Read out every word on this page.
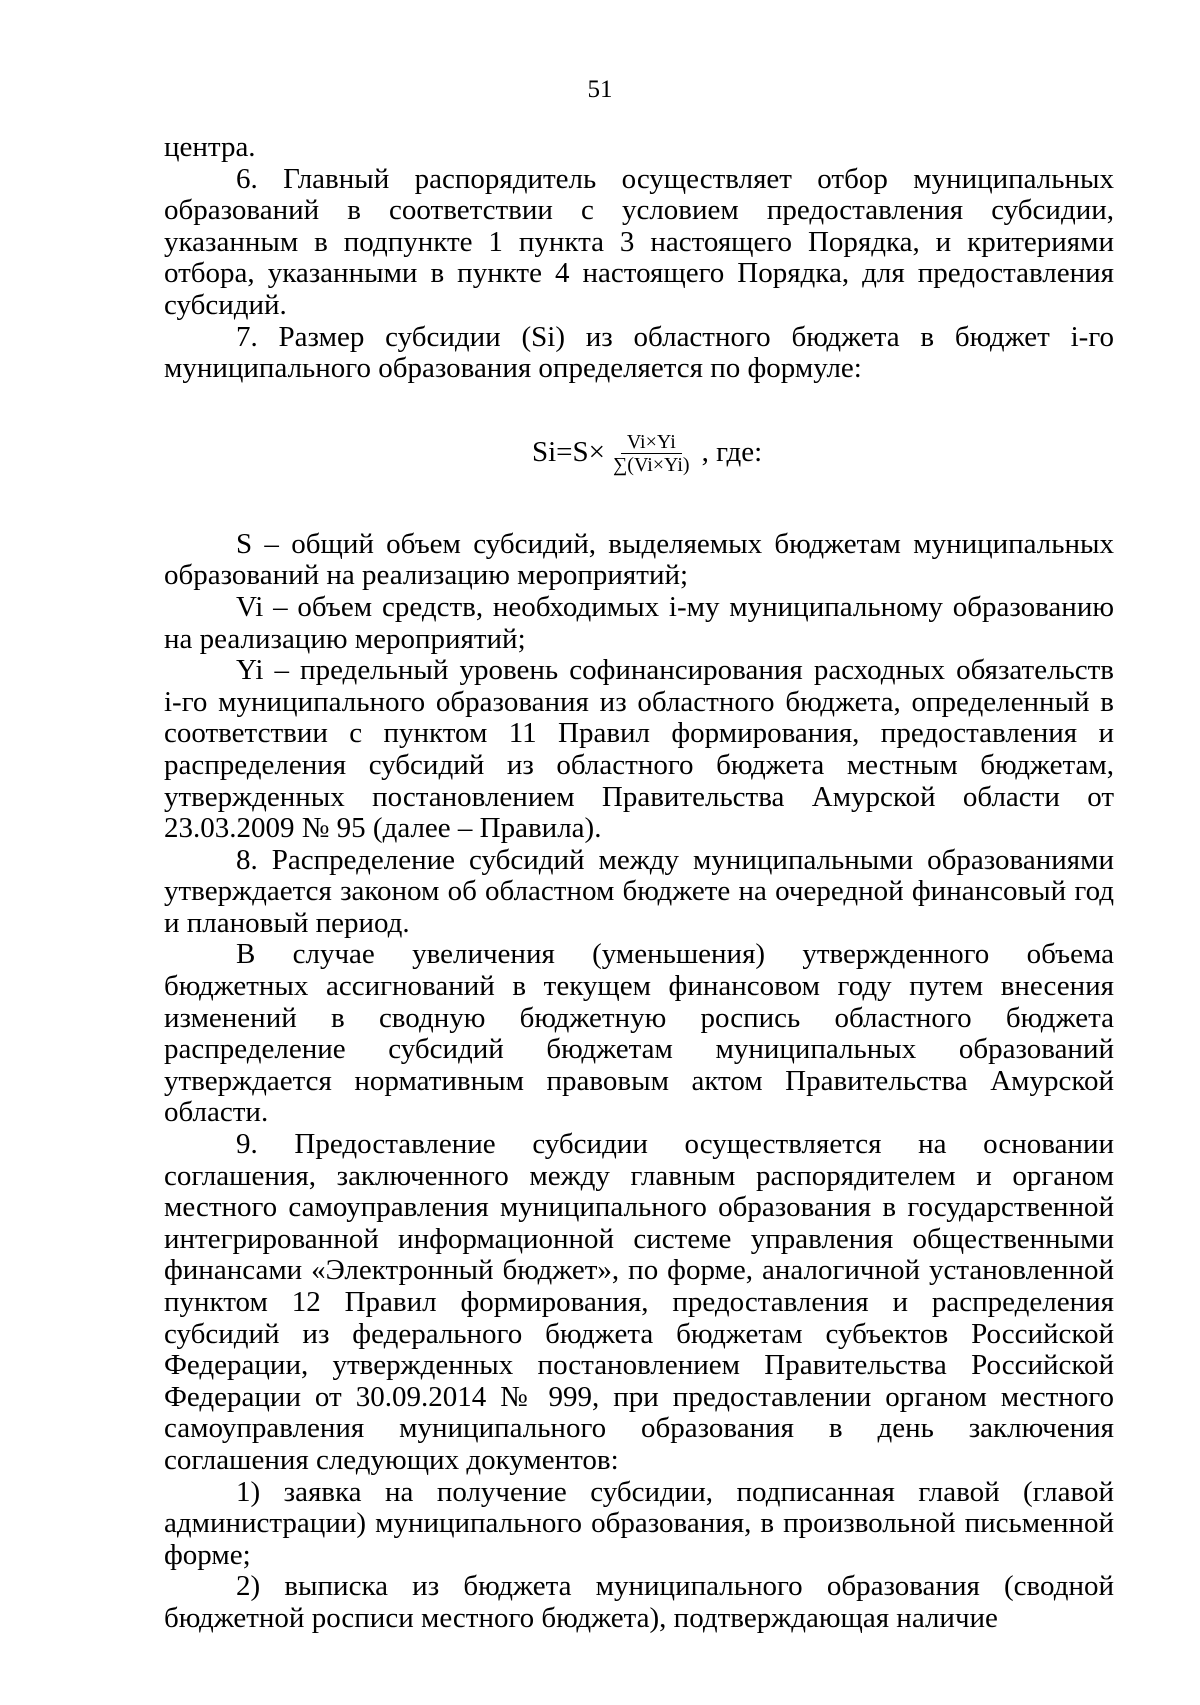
51

центра.

6. Главный распорядитель осуществляет отбор муниципальных образований в соответствии с условием предоставления субсидии, указанным в подпункте 1 пункта 3 настоящего Порядка, и критериями отбора, указанными в пункте 4 настоящего Порядка, для предоставления субсидий.

7. Размер субсидии (Si) из областного бюджета в бюджет i-го муниципального образования определяется по формуле:

$Si=S\times \frac{Vi\times Yi}{\sum(Vi\times Yi)}$ , где:

S – общий объем субсидий, выделяемых бюджетам муниципальных образований на реализацию мероприятий;

Vi – объем средств, необходимых i-му муниципальному образованию на реализацию мероприятий;

Yi – предельный уровень софинансирования расходных обязательств i-го муниципального образования из областного бюджета, определенный в соответствии с пунктом 11 Правил формирования, предоставления и распределения субсидий из областного бюджета местным бюджетам, утвержденных постановлением Правительства Амурской области от 23.03.2009 № 95 (далее – Правила).

8. Распределение субсидий между муниципальными образованиями утверждается законом об областном бюджете на очередной финансовый год и плановый период.

В случае увеличения (уменьшения) утвержденного объема бюджетных ассигнований в текущем финансовом году путем внесения изменений в сводную бюджетную роспись областного бюджета распределение субсидий бюджетам муниципальных образований утверждается нормативным правовым актом Правительства Амурской области.

9. Предоставление субсидии осуществляется на основании соглашения, заключенного между главным распорядителем и органом местного самоуправления муниципального образования в государственной интегрированной информационной системе управления общественными финансами «Электронный бюджет», по форме, аналогичной установленной пунктом 12 Правил формирования, предоставления и распределения субсидий из федерального бюджета бюджетам субъектов Российской Федерации, утвержденных постановлением Правительства Российской Федерации от 30.09.2014 № 999, при предоставлении органом местного самоуправления муниципального образования в день заключения соглашения следующих документов:

1) заявка на получение субсидии, подписанная главой (главой администрации) муниципального образования, в произвольной письменной форме;

2) выписка из бюджета муниципального образования (сводной бюджетной росписи местного бюджета), подтверждающая наличие
